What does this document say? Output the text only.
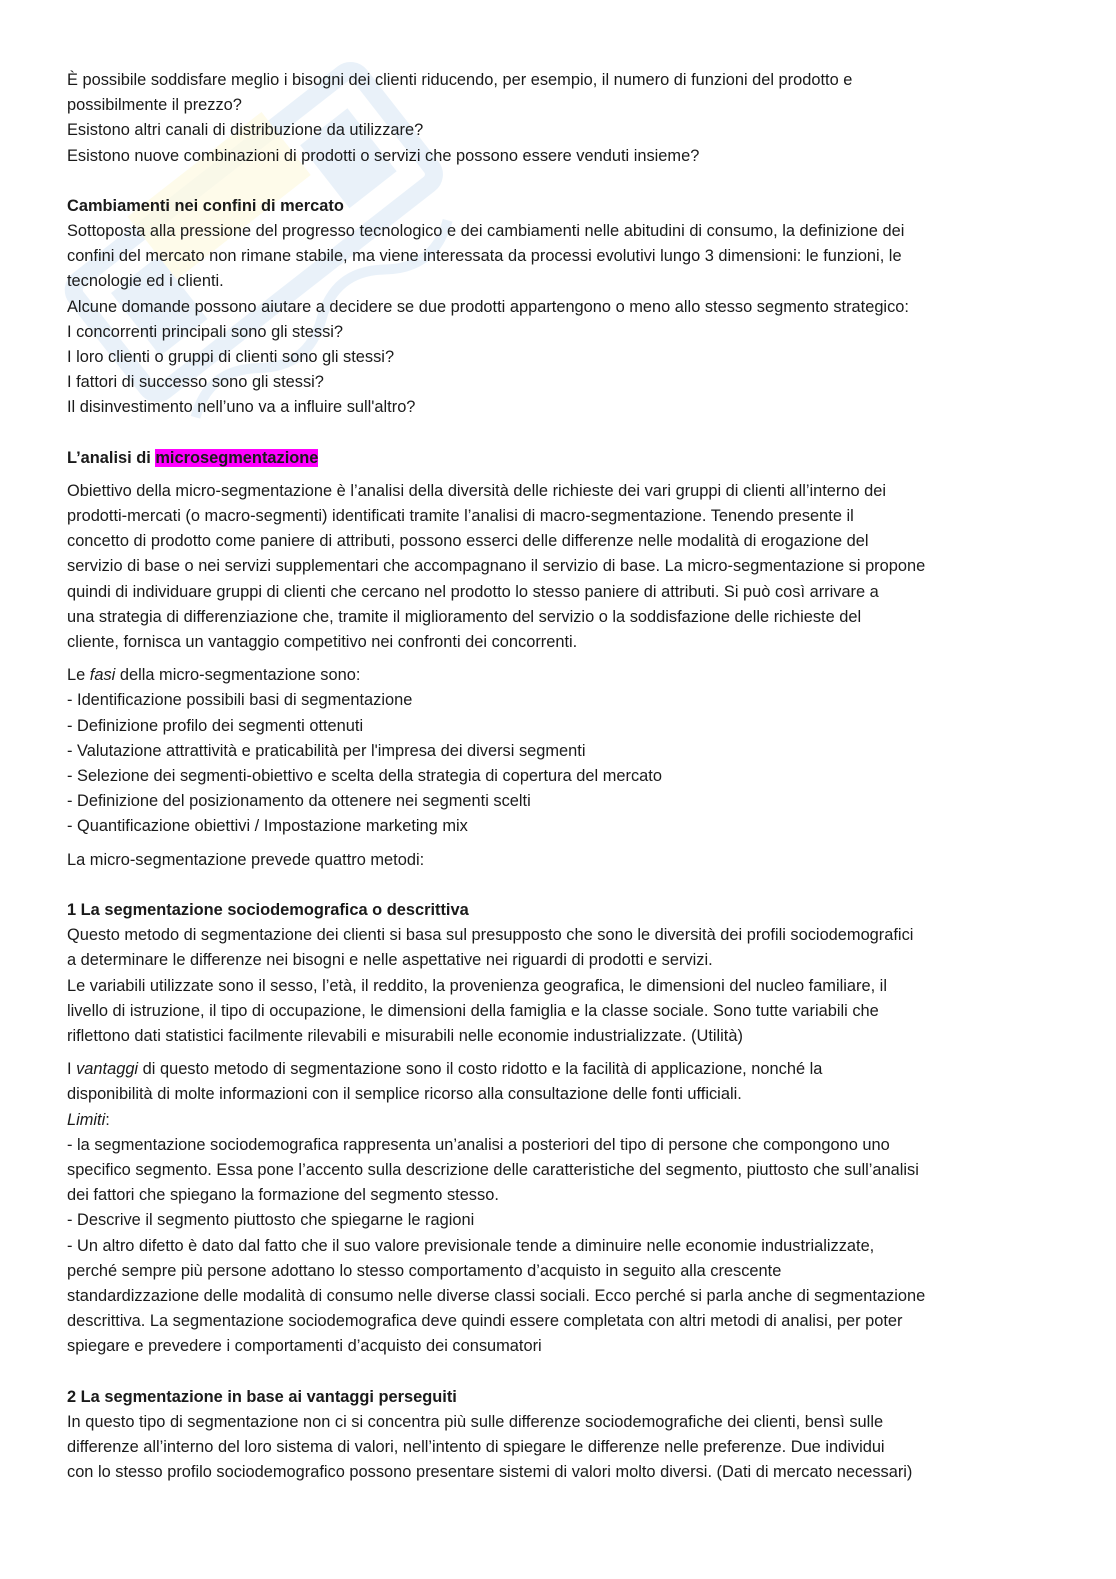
È possibile soddisfare meglio i bisogni dei clienti riducendo, per esempio, il numero di funzioni del prodotto e

possibilmente il prezzo?

Esistono altri canali di distribuzione da utilizzare?

Esistono nuove combinazioni di prodotti o servizi che possono essere venduti insieme?

Cambiamenti nei confini di mercato

Sottoposta alla pressione del progresso tecnologico e dei cambiamenti nelle abitudini di consumo, la definizione dei

confini del mercato non rimane stabile, ma viene interessata da processi evolutivi lungo 3 dimensioni: le funzioni, le

tecnologie ed i clienti.

Alcune domande possono aiutare a decidere se due prodotti appartengono o meno allo stesso segmento strategico:

I concorrenti principali sono gli stessi?

I loro clienti o gruppi di clienti sono gli stessi?

I fattori di successo sono gli stessi?

Il disinvestimento nell’uno va a influire sull'altro?

L’analisi di microsegmentazione

Obiettivo della micro-segmentazione è l’analisi della diversità delle richieste dei vari gruppi di clienti all’interno dei

prodotti-mercati (o macro-segmenti) identificati tramite l’analisi di macro-segmentazione. Tenendo presente il

concetto di prodotto come paniere di attributi, possono esserci delle differenze nelle modalità di erogazione del

servizio di base o nei servizi supplementari che accompagnano il servizio di base. La micro-segmentazione si propone

quindi di individuare gruppi di clienti che cercano nel prodotto lo stesso paniere di attributi. Si può così arrivare a

una strategia di differenziazione che, tramite il miglioramento del servizio o la soddisfazione delle richieste del

cliente, fornisca un vantaggio competitivo nei confronti dei concorrenti.

Le fasi della micro-segmentazione sono:

- Identificazione possibili basi di segmentazione

- Definizione profilo dei segmenti ottenuti

- Valutazione attrattività e praticabilità per l'impresa dei diversi segmenti

- Selezione dei segmenti-obiettivo e scelta della strategia di copertura del mercato

- Definizione del posizionamento da ottenere nei segmenti scelti

- Quantificazione obiettivi / Impostazione marketing mix

La micro-segmentazione prevede quattro metodi:

1 La segmentazione sociodemografica o descrittiva

Questo metodo di segmentazione dei clienti si basa sul presupposto che sono le diversità dei profili sociodemografici

a determinare le differenze nei bisogni e nelle aspettative nei riguardi di prodotti e servizi.

Le variabili utilizzate sono il sesso, l’età, il reddito, la provenienza geografica, le dimensioni del nucleo familiare, il

livello di istruzione, il tipo di occupazione, le dimensioni della famiglia e la classe sociale. Sono tutte variabili che

riflettono dati statistici facilmente rilevabili e misurabili nelle economie industrializzate. (Utilità)

I vantaggi di questo metodo di segmentazione sono il costo ridotto e la facilità di applicazione, nonché la

disponibilità di molte informazioni con il semplice ricorso alla consultazione delle fonti ufficiali.

Limiti:

- la segmentazione sociodemografica rappresenta un’analisi a posteriori del tipo di persone che compongono uno

specifico segmento. Essa pone l’accento sulla descrizione delle caratteristiche del segmento, piuttosto che sull’analisi

dei fattori che spiegano la formazione del segmento stesso.

- Descrive il segmento piuttosto che spiegarne le ragioni

- Un altro difetto è dato dal fatto che il suo valore previsionale tende a diminuire nelle economie industrializzate,

perché sempre più persone adottano lo stesso comportamento d’acquisto in seguito alla crescente

standardizzazione delle modalità di consumo nelle diverse classi sociali. Ecco perché si parla anche di segmentazione

descrittiva. La segmentazione sociodemografica deve quindi essere completata con altri metodi di analisi, per poter

spiegare e prevedere i comportamenti d’acquisto dei consumatori

2 La segmentazione in base ai vantaggi perseguiti

In questo tipo di segmentazione non ci si concentra più sulle differenze sociodemografiche dei clienti, bensì sulle

differenze all’interno del loro sistema di valori, nell’intento di spiegare le differenze nelle preferenze. Due individui

con lo stesso profilo sociodemografico possono presentare sistemi di valori molto diversi. (Dati di mercato necessari)
